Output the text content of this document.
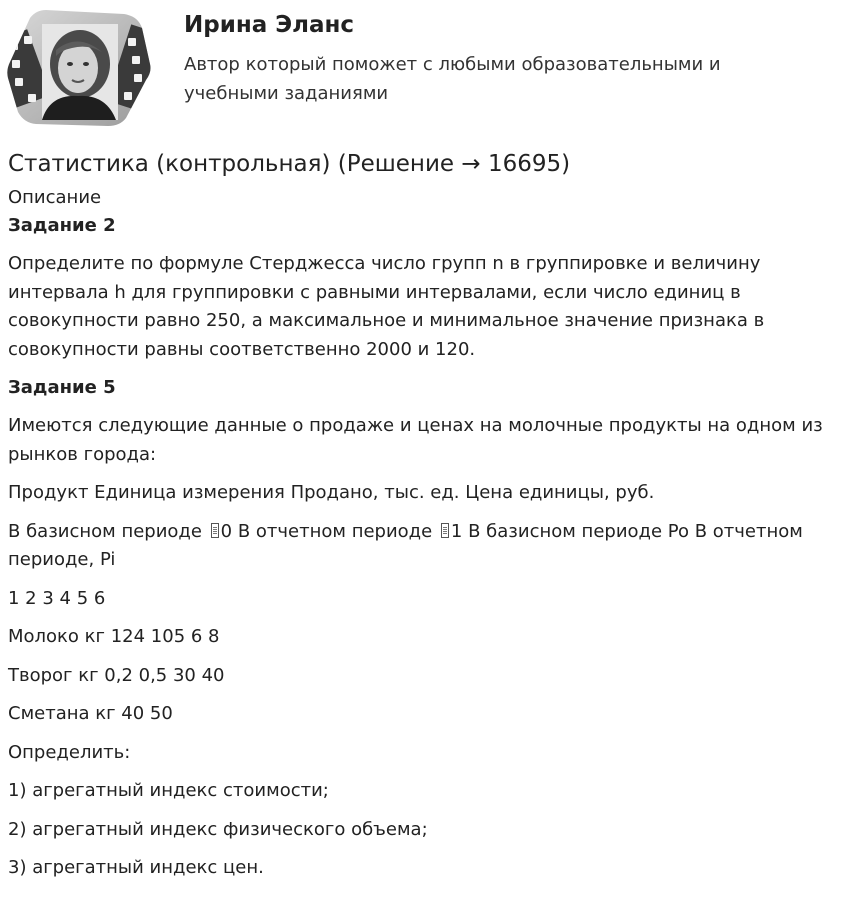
Ирина Эланс
Автор который поможет с любыми образовательными и учебными заданиями
Статистика (контрольная) (Решение → 16695)
Описание
Задание 2

Определите по формуле Стерджесса число групп n в группировке и величину интервала h для группировки с равными интервалами, если число единиц в совокупности равно 250, а максимальное и минимальное значение признака в совокупности равны соответственно 2000 и 120.

Задание 5

Имеются следующие данные о продаже и ценах на молочные продукты на одном из рынков города:

Продукт Единица измерения Продано, тыс. ед. Цена единицы, руб.

В базисном периоде 0 В отчетном периоде 1 В базисном периоде Po В отчетном периоде, Pi

1 2 3 4 5 6

Молоко кг 124 105 6 8

Творог кг 0,2 0,5 30 40

Сметана кг 40 50

Определить:

1) агрегатный индекс стоимости;

2) агрегатный индекс физического объема;

3) агрегатный индекс цен.
